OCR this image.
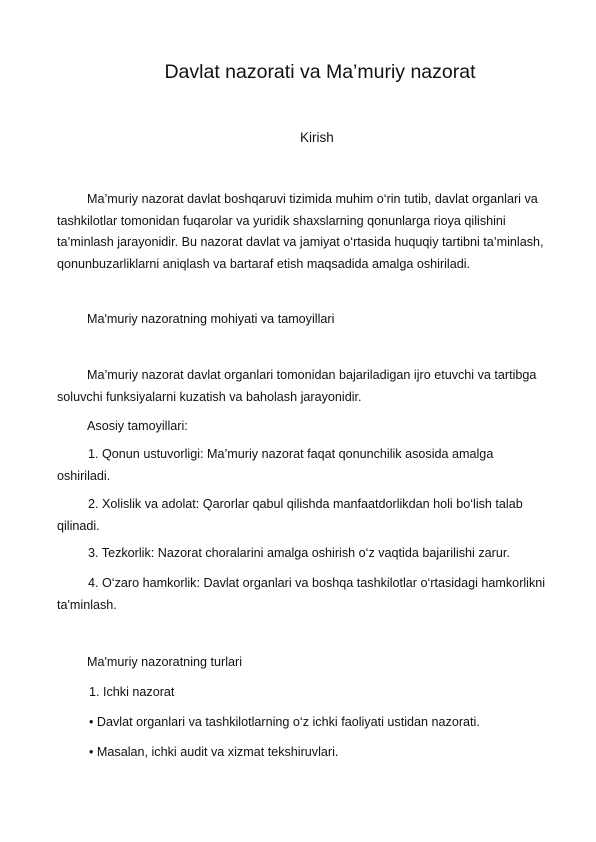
Davlat nazorati va Ma’muriy nazorat
Kirish

Ma’muriy nazorat davlat boshqaruvi tizimida muhim o‘rin tutib, davlat organlari va tashkilotlar tomonidan fuqarolar va yuridik shaxslarning qonunlarga rioya qilishini ta’minlash jarayonidir. Bu nazorat davlat va jamiyat o‘rtasida huquqiy tartibni ta’minlash, qonunbuzarliklarni aniqlash va bartaraf etish maqsadida amalga oshiriladi.

Ma'muriy nazoratning mohiyati va tamoyillari

Ma’muriy nazorat davlat organlari tomonidan bajariladigan ijro etuvchi va tartibga soluvchi funksiyalarni kuzatish va baholash jarayonidir.

Asosiy tamoyillari:

1. Qonun ustuvorligi: Ma’muriy nazorat faqat qonunchilik asosida amalga oshiriladi.

2. Xolislik va adolat: Qarorlar qabul qilishda manfaatdorlikdan holi bo‘lish talab qilinadi.

3. Tezkorlik: Nazorat choralarini amalga oshirish o‘z vaqtida bajarilishi zarur.

4. O‘zaro hamkorlik: Davlat organlari va boshqa tashkilotlar o‘rtasidagi hamkorlikni ta'minlash.

Ma'muriy nazoratning turlari
1. Ichki nazorat
• Davlat organlari va tashkilotlarning o‘z ichki faoliyati ustidan nazorati.
• Masalan, ichki audit va xizmat tekshiruvlari.
